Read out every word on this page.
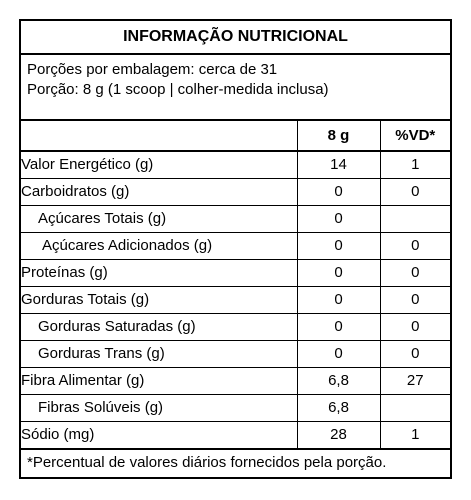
INFORMAÇÃO NUTRICIONAL
Porções por embalagem: cerca de 31
Porção: 8 g (1 scoop | colher-medida inclusa)
	8 g	%VD*
Valor Energético (g)	14	1
Carboidratos (g)	0	0
Açúcares Totais (g)	0	
Açúcares Adicionados (g)	0	0
Proteínas (g)	0	0
Gorduras Totais (g)	0	0
Gorduras Saturadas (g)	0	0
Gorduras Trans (g)	0	0
Fibra Alimentar (g)	6,8	27
Fibras Solúveis (g)	6,8	
Sódio (mg)	28	1
*Percentual de valores diários fornecidos pela porção.
